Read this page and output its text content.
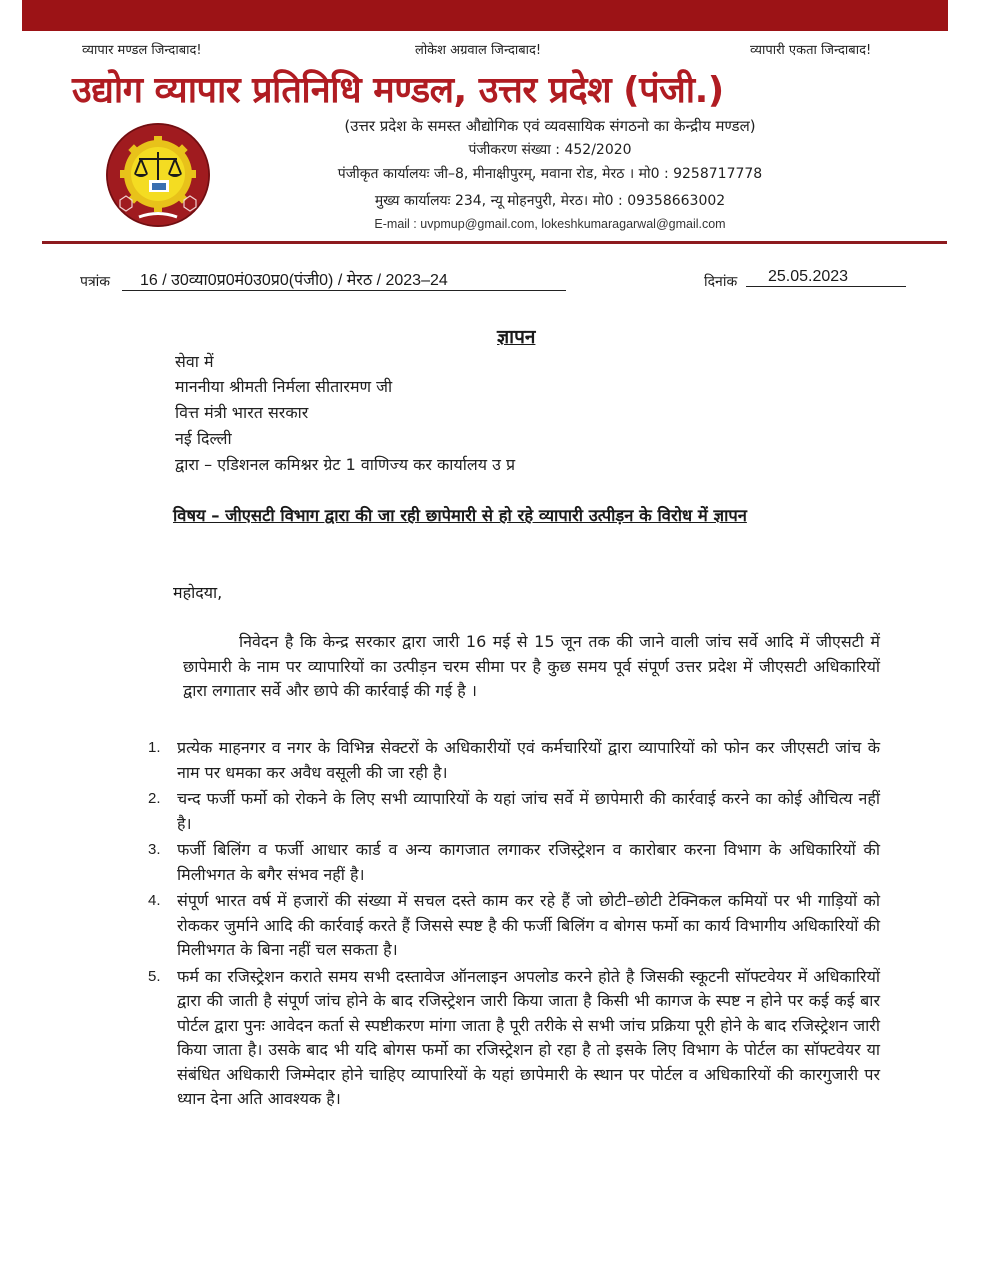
व्यापार मण्डल जिन्दाबाद!	लोकेश अग्रवाल जिन्दाबाद!	व्यापारी एकता जिन्दाबाद!
उद्योग व्यापार प्रतिनिधि मण्डल, उत्तर प्रदेश (पंजी.)
(उत्तर प्रदेश के समस्त औद्योगिक एवं व्यवसायिक संगठनो का केन्द्रीय मण्डल)
पंजीकरण संख्या : 452/2020
पंजीकृत कार्यालयः जी–8, मीनाक्षीपुरम्, मवाना रोड, मेरठ । मो0 : 9258717778
मुख्य कार्यालयः 234, न्यू मोहनपुरी, मेरठ। मो0 : 09358663002
E-mail : uvpmup@gmail.com, lokeshkumaragarwal@gmail.com
पत्रांक	16 / उ0व्या0प्र0मं0उ0प्र0(पंजी0) / मेरठ / 2023–24	दिनांक	25.05.2023
ज्ञापन
सेवा में
माननीया श्रीमती निर्मला सीतारमण जी
वित्त मंत्री भारत सरकार
नई दिल्ली
द्वारा – एडिशनल कमिश्नर ग्रेट 1 वाणिज्य कर कार्यालय उ प्र
विषय – जीएसटी विभाग द्वारा की जा रही छापेमारी से हो रहे व्यापारी उत्पीड़न के विरोध में ज्ञापन
महोदया,
निवेदन है कि केन्द्र सरकार द्वारा जारी 16 मई से 15 जून तक की जाने वाली जांच सर्वे आदि में जीएसटी में छापेमारी के नाम पर व्यापारियों का उत्पीड़न चरम सीमा पर है कुछ समय पूर्व संपूर्ण उत्तर प्रदेश में जीएसटी अधिकारियों द्वारा लगातार सर्वे और छापे की कार्रवाई की गई है ।
1. प्रत्येक माहनगर व नगर के विभिन्न सेक्टरों के अधिकारीयों एवं कर्मचारियों द्वारा व्यापारियों को फोन कर जीएसटी जांच के नाम पर धमका कर अवैध वसूली की जा रही है।
2. चन्द फर्जी फर्मो को रोकने के लिए सभी व्यापारियों के यहां जांच सर्वे में छापेमारी की कार्रवाई करने का कोई औचित्य नहीं है।
3. फर्जी बिलिंग व फर्जी आधार कार्ड व अन्य कागजात लगाकर रजिस्ट्रेशन व कारोबार करना विभाग के अधिकारियों की मिलीभगत के बगैर संभव नहीं है।
4. संपूर्ण भारत वर्ष में हजारों की संख्या में सचल दस्ते काम कर रहे हैं जो छोटी–छोटी टेक्निकल कमियों पर भी गाड़ियों को रोककर जुर्माने आदि की कार्रवाई करते हैं जिससे स्पष्ट है की फर्जी बिलिंग व बोगस फर्मो का कार्य विभागीय अधिकारियों की मिलीभगत के बिना नहीं चल सकता है।
5. फर्म का रजिस्ट्रेशन कराते समय सभी दस्तावेज ऑनलाइन अपलोड करने होते है जिसकी स्कूटनी सॉफ्टवेयर में अधिकारियों द्वारा की जाती है संपूर्ण जांच होने के बाद रजिस्ट्रेशन जारी किया जाता है किसी भी कागज के स्पष्ट न होने पर कई कई बार पोर्टल द्वारा पुनः आवेदन कर्ता से स्पष्टीकरण मांगा जाता है पूरी तरीके से सभी जांच प्रक्रिया पूरी होने के बाद रजिस्ट्रेशन जारी किया जाता है। उसके बाद भी यदि बोगस फर्मो का रजिस्ट्रेशन हो रहा है तो इसके लिए विभाग के पोर्टल का सॉफ्टवेयर या संबंधित अधिकारी जिम्मेदार होने चाहिए व्यापारियों के यहां छापेमारी के स्थान पर पोर्टल व अधिकारियों की कारगुजारी पर ध्यान देना अति आवश्यक है।
